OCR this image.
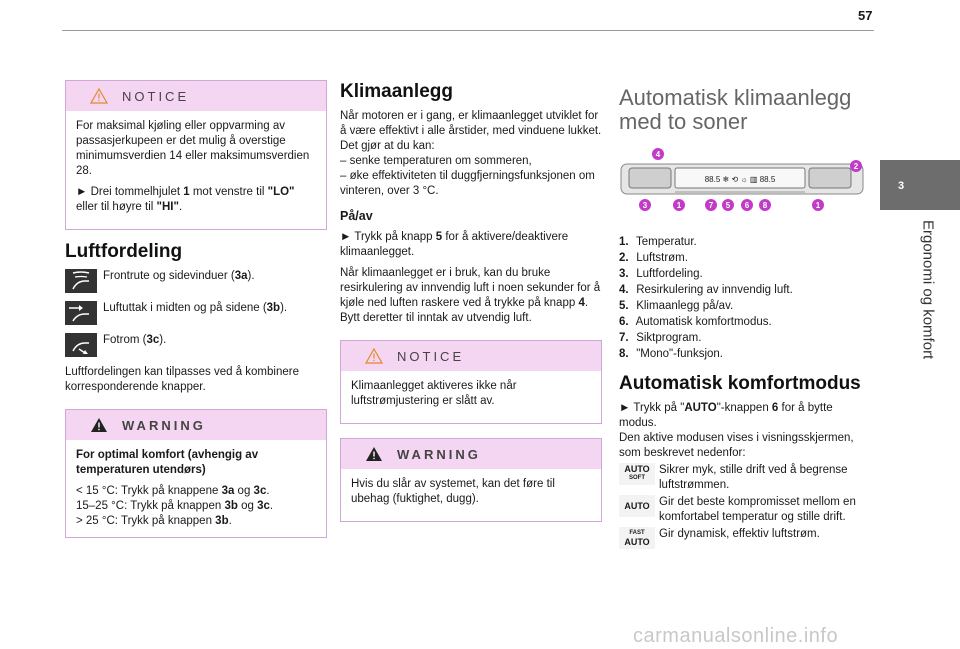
57
3
Ergonomi og komfort
NOTICE

For maksimal kjøling eller oppvarming av passasjerkupeen er det mulig å overstige minimumsverdien 14 eller maksimumsverdien 28.

► Drei tommelhjulet 1 mot venstre til "LO" eller til høyre til "HI".

Luftfordeling
Frontrute og sidevinduer (3a).
Luftuttak i midten og på sidene (3b).
Fotrom (3c).

Luftfordelingen kan tilpasses ved å kombinere korresponderende knapper.

WARNING

For optimal komfort (avhengig av temperaturen utendørs)

< 15 °C: Trykk på knappene 3a og 3c.
15–25 °C: Trykk på knappen 3b og 3c.
> 25 °C: Trykk på knappen 3b.
Klimaanlegg

Når motoren er i gang, er klimaanlegget utviklet for å være effektivt i alle årstider, med vinduene lukket.
Det gjør at du kan:

– senke temperaturen om sommeren,
– øke effektiviteten til duggfjerningsfunksjonen om vinteren, over 3 °C.
På/av

► Trykk på knapp 5 for å aktivere/deaktivere klimaanlegget.

Når klimaanlegget er i bruk, kan du bruke resirkulering av innvendig luft i noen sekunder for å kjøle ned luften raskere ved å trykke på knapp 4. Bytt deretter til inntak av utvendig luft.

NOTICE

Klimaanlegget aktiveres ikke når luftstrømjustering er slått av.

WARNING

Hvis du slår av systemet, kan det føre til ubehag (fuktighet, dugg).

Automatisk klimaanlegg
med to soner
88.5 ❄ ⟲ ☼ ▥ 88.5
4
2
3	1	7 5 6 8	1
1. Temperatur.
2. Luftstrøm.
3. Luftfordeling.
4. Resirkulering av innvendig luft.
5. Klimaanlegg på/av.
6. Automatisk komfortmodus.
7. Siktprogram.
8. "Mono"-funksjon.
Automatisk komfortmodus

► Trykk på "AUTO"-knappen 6 for å bytte modus.

Den aktive modusen vises i visningsskjermen, som beskrevet nedenfor:

AUTO
SOFT
Sikrer myk, stille drift ved å begrense luftstrømmen.
AUTO Gir det beste kompromisset mellom en komfortabel temperatur og stille drift.
FAST
AUTO
Gir dynamisk, effektiv luftstrøm.
carmanualsonline.info
